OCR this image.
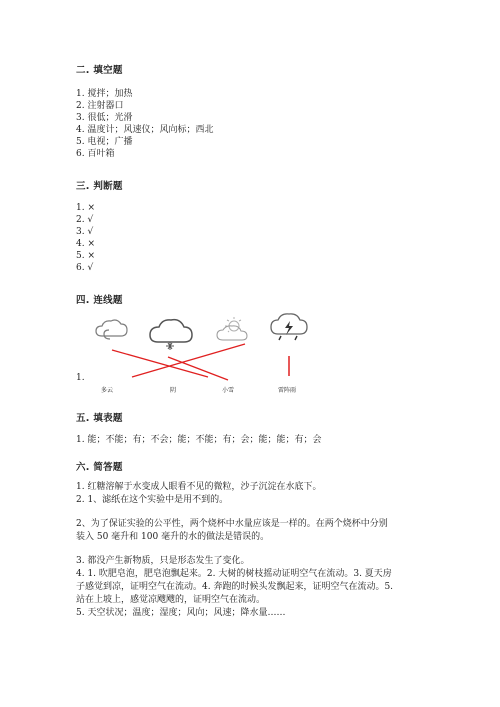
二. 填空题
1. 搅拌；加热
2. 注射器口
3. 很低；光滑
4. 温度计；风速仪；风向标；西北
5. 电视；广播
6. 百叶箱
三. 判断题
1. ×
2. √
3. √
4. ×
5. ×
6. √
四. 连线题
1.
多云	阴	小雪	雷阵雨
五. 填表题
1. 能；不能；有；不会；能；不能；有；会；能；能；有；会
六. 简答题
1. 红糖溶解于水变成人眼看不见的微粒，沙子沉淀在水底下。
2. 1、滤纸在这个实验中是用不到的。
2、为了保证实验的公平性，两个烧杯中水量应该是一样的。在两个烧杯中分别
装入 50 毫升和 100 毫升的水的做法是错误的。
3. 都没产生新物质，只是形态发生了变化。
4. 1. 吹肥皂泡，肥皂泡飘起来。2. 大树的树枝摇动证明空气在流动。3. 夏天房
子感觉到凉，证明空气在流动。4. 奔跑的时候头发飘起来，证明空气在流动。5.
站在上坡上，感觉凉飕飕的，证明空气在流动。
5. 天空状况；温度；湿度；风向；风速；降水量……
